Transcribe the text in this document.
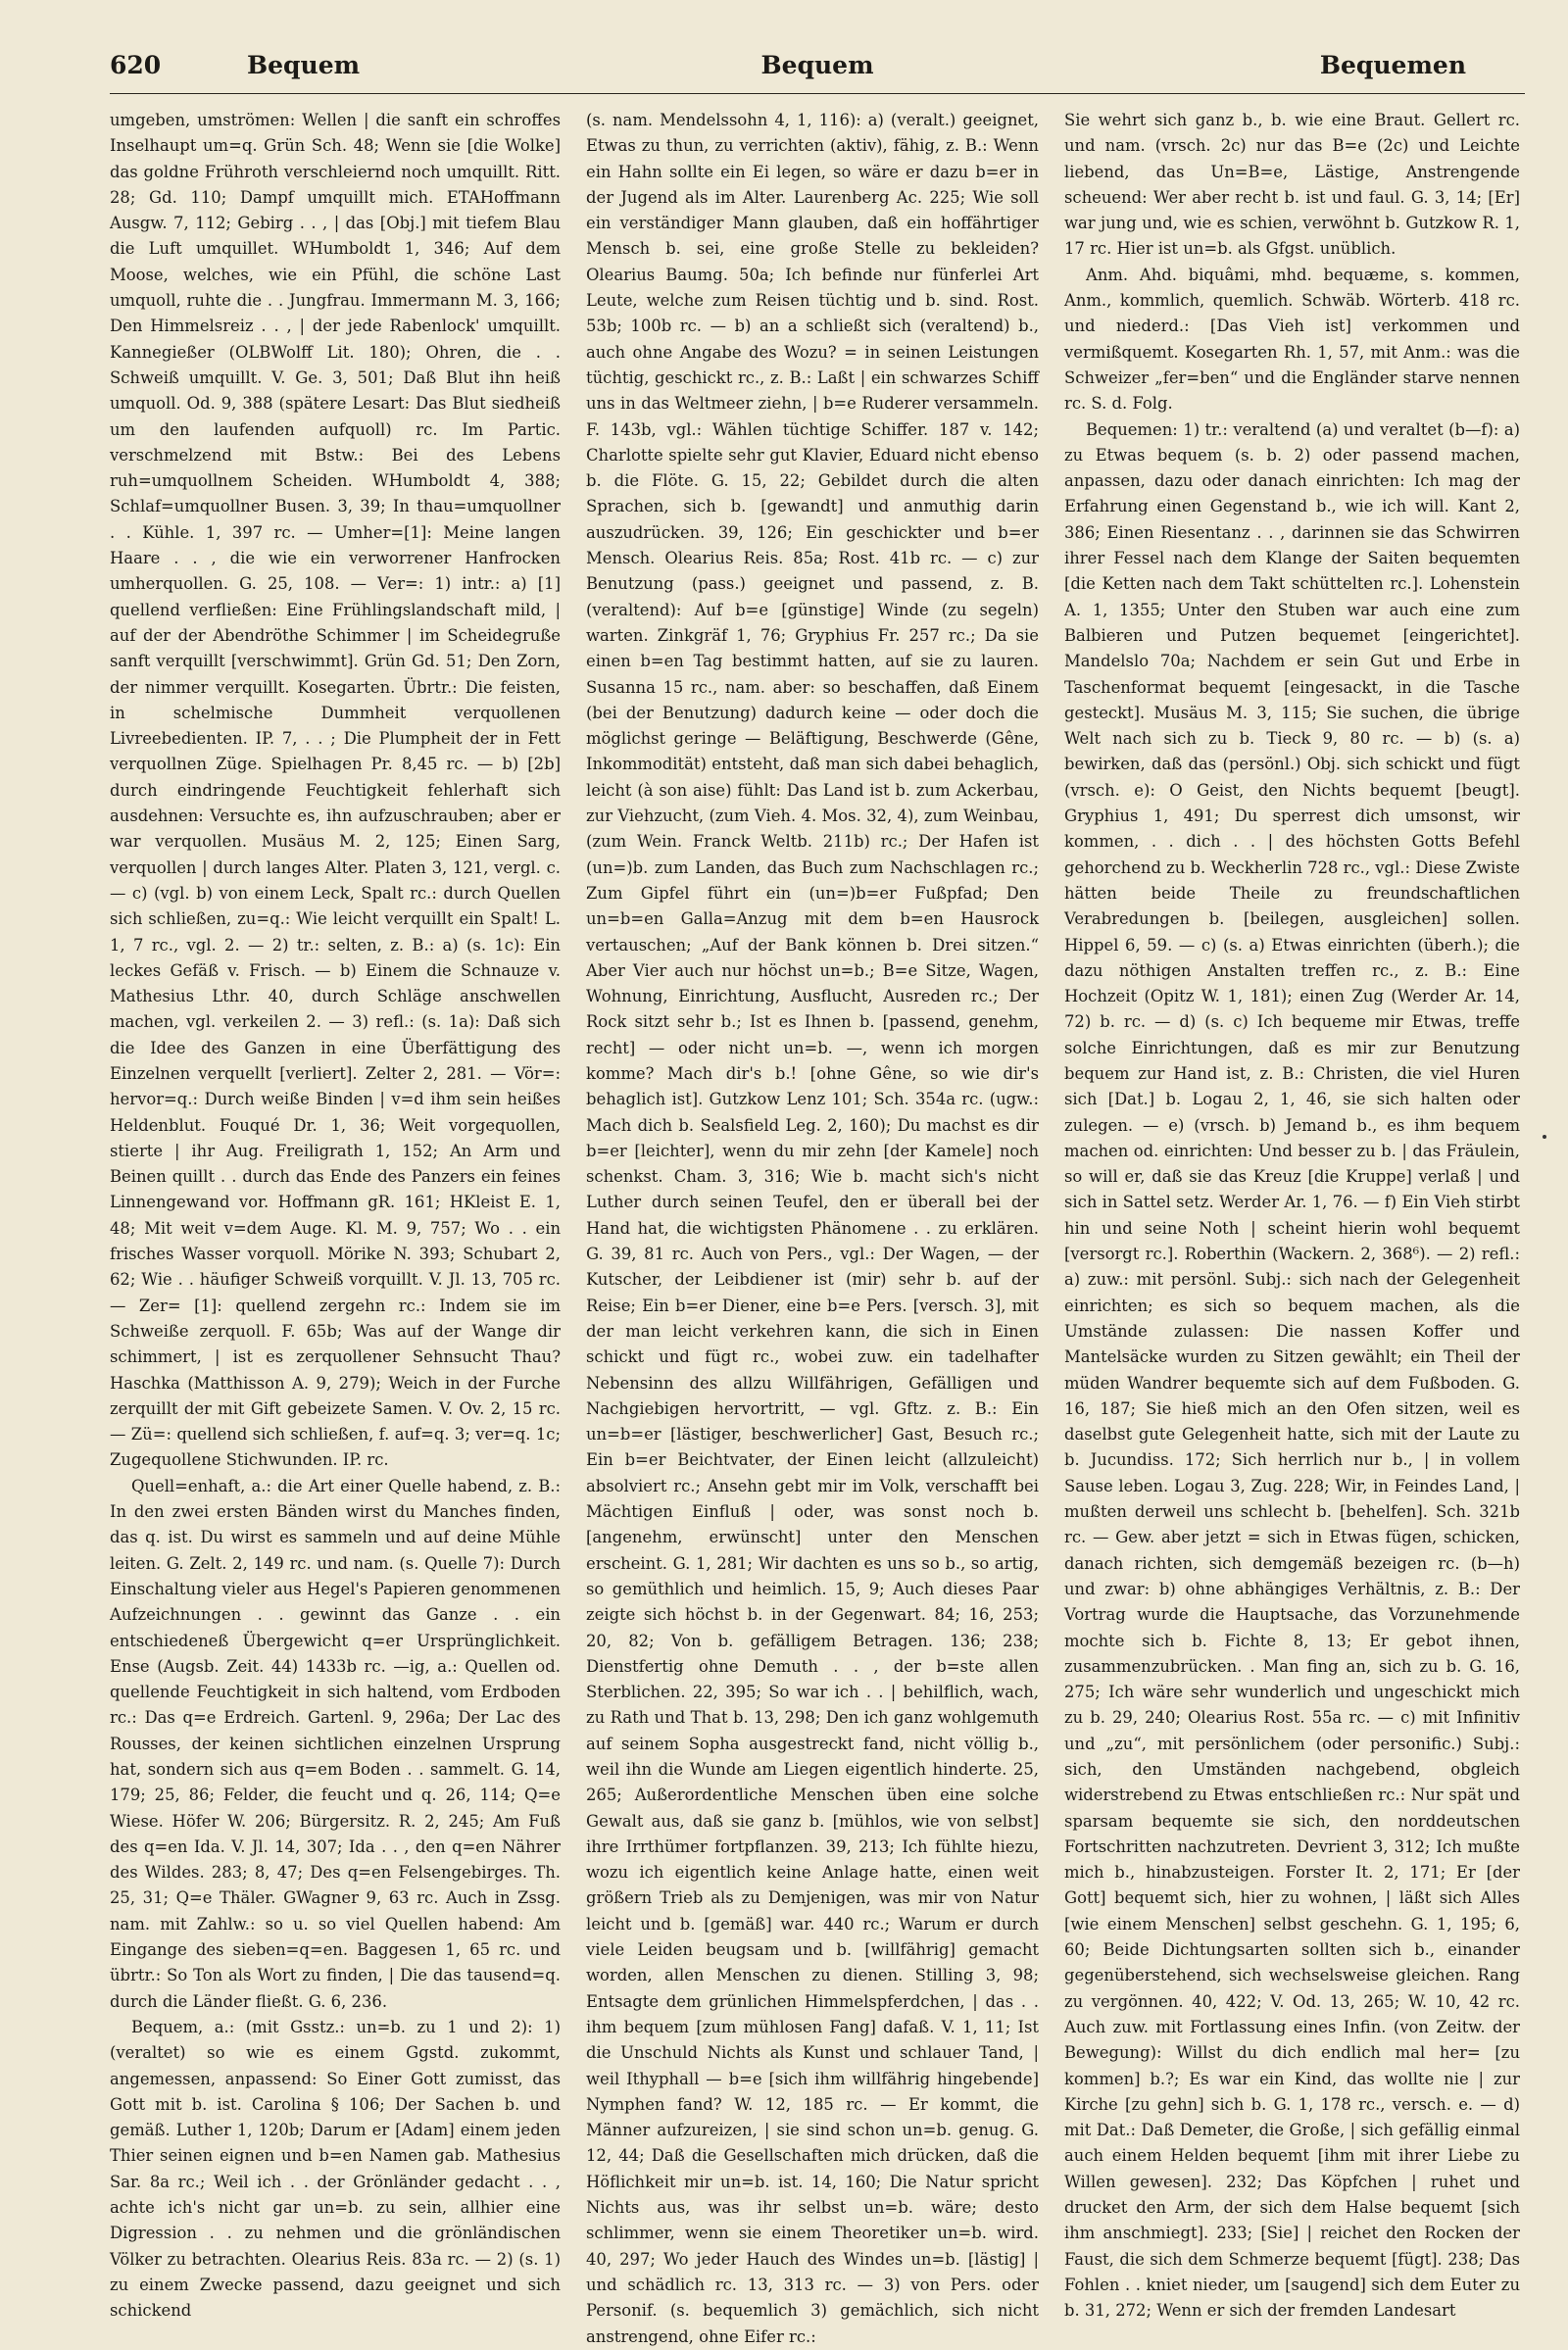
620	Bequem	Bequem	Bequemen

umgeben, umströmen: Wellen | die sanft ein schroffes Inselhaupt um=q. Grün Sch. 48; Wenn sie [die Wolke] das goldne Frühroth verschleiernd noch umquillt. Ritt. 28; Gd. 110; Dampf umquillt mich. ETAHoffmann Ausgw. 7, 112; Gebirg . . , | das [Obj.] mit tiefem Blau die Luft umquillet. WHumboldt 1, 346; Auf dem Moose, welches, wie ein Pfühl, die schöne Last umquoll, ruhte die . . Jungfrau. Immermann M. 3, 166; Den Himmelsreiz . . , | der jede Rabenlock' umquillt. Kannegießer (OLBWolff Lit. 180); Ohren, die . . Schweiß umquillt. V. Ge. 3, 501; Daß Blut ihn heiß umquoll. Od. 9, 388 (spätere Lesart: Das Blut siedheiß um den laufenden aufquoll) rc. Im Partic. verschmelzend mit Bstw.: Bei des Lebens ruh=umquollnem Scheiden. WHumboldt 4, 388; Schlaf=umquollner Busen. 3, 39; In thau=umquollner . . Kühle. 1, 397 rc. — Umher=[1]: Meine langen Haare . . , die wie ein verworrener Hanfrocken umherquollen. G. 25, 108. — Ver=: 1) intr.: a) [1] quellend verfließen: Eine Frühlingslandschaft mild, | auf der der Abendröthe Schimmer | im Scheidegruße sanft verquillt [verschwimmt]. Grün Gd. 51; Den Zorn, der nimmer verquillt. Kosegarten. Übrtr.: Die feisten, in schelmische Dummheit verquollenen Livreebedienten. IP. 7, . . ; Die Plumpheit der in Fett verquollnen Züge. Spielhagen Pr. 8,45 rc. — b) [2b] durch eindringende Feuchtigkeit fehlerhaft sich ausdehnen: Versuchte es, ihn aufzuschrauben; aber er war verquollen. Musäus M. 2, 125; Einen Sarg, verquollen | durch langes Alter. Platen 3, 121, vergl. c. — c) (vgl. b) von einem Leck, Spalt rc.: durch Quellen sich schließen, zu=q.: Wie leicht verquillt ein Spalt! L. 1, 7 rc., vgl. 2. — 2) tr.: selten, z. B.: a) (s. 1c): Ein leckes Gefäß v. Frisch. — b) Einem die Schnauze v. Mathesius Lthr. 40, durch Schläge anschwellen machen, vgl. verkeilen 2. — 3) refl.: (s. 1a): Daß sich die Idee des Ganzen in eine Überfättigung des Einzelnen verquellt [verliert]. Zelter 2, 281. — Vör=: hervor=q.: Durch weiße Binden | v=d ihm sein heißes Heldenblut. Fouqué Dr. 1, 36; Weit vorgequollen, stierte | ihr Aug. Freiligrath 1, 152; An Arm und Beinen quillt . . durch das Ende des Panzers ein feines Linnengewand vor. Hoffmann gR. 161; HKleist E. 1, 48; Mit weit v=dem Auge. Kl. M. 9, 757; Wo . . ein frisches Wasser vorquoll. Mörike N. 393; Schubart 2, 62; Wie . . häufiger Schweiß vorquillt. V. Jl. 13, 705 rc. — Zer= [1]: quellend zergehn rc.: Indem sie im Schweiße zerquoll. F. 65b; Was auf der Wange dir schimmert, | ist es zerquollener Sehnsucht Thau? Haschka (Matthisson A. 9, 279); Weich in der Furche zerquillt der mit Gift gebeizete Samen. V. Ov. 2, 15 rc. — Zü=: quellend sich schließen, f. auf=q. 3; ver=q. 1c; Zugequollene Stichwunden. IP. rc.

Quell=enhaft, a.: die Art einer Quelle habend, z. B.: In den zwei ersten Bänden wirst du Manches finden, das q. ist. Du wirst es sammeln und auf deine Mühle leiten. G. Zelt. 2, 149 rc. und nam. (s. Quelle 7): Durch Einschaltung vieler aus Hegel's Papieren genommenen Aufzeichnungen . . gewinnt das Ganze . . ein entschiedeneß Übergewicht q=er Ursprünglichkeit. Ense (Augsb. Zeit. 44) 1433b rc. —ig, a.: Quellen od. quellende Feuchtigkeit in sich haltend, vom Erdboden rc.: Das q=e Erdreich. Gartenl. 9, 296a; Der Lac des Rousses, der keinen sichtlichen einzelnen Ursprung hat, sondern sich aus q=em Boden . . sammelt. G. 14, 179; 25, 86; Felder, die feucht und q. 26, 114; Q=e Wiese. Höfer W. 206; Bürgersitz. R. 2, 245; Am Fuß des q=en Ida. V. Jl. 14, 307; Ida . . , den q=en Nährer des Wildes. 283; 8, 47; Des q=en Felsengebirges. Th. 25, 31; Q=e Thäler. GWagner 9, 63 rc. Auch in Zssg. nam. mit Zahlw.: so u. so viel Quellen habend: Am Eingange des sieben=q=en. Baggesen 1, 65 rc. und übrtr.: So Ton als Wort zu finden, | Die das tausend=q. durch die Länder fließt. G. 6, 236.

Bequem, a.: (mit Gsstz.: un=b. zu 1 und 2): 1) (veraltet) so wie es einem Ggstd. zukommt, angemessen, anpassend: So Einer Gott zumisst, das Gott mit b. ist. Carolina § 106; Der Sachen b. und gemäß. Luther 1, 120b; Darum er [Adam] einem jeden Thier seinen eignen und b=en Namen gab. Mathesius Sar. 8a rc.; Weil ich . . der Grönländer gedacht . . , achte ich's nicht gar un=b. zu sein, allhier eine Digression . . zu nehmen und die grönländischen Völker zu betrachten. Olearius Reis. 83a rc. — 2) (s. 1) zu einem Zwecke passend, dazu geeignet und sich schickend

(s. nam. Mendelssohn 4, 1, 116): a) (veralt.) geeignet, Etwas zu thun, zu verrichten (aktiv), fähig, z. B.: Wenn ein Hahn sollte ein Ei legen, so wäre er dazu b=er in der Jugend als im Alter. Laurenberg Ac. 225; Wie soll ein verständiger Mann glauben, daß ein hoffährtiger Mensch b. sei, eine große Stelle zu bekleiden? Olearius Baumg. 50a; Ich befinde nur fünferlei Art Leute, welche zum Reisen tüchtig und b. sind. Rost. 53b; 100b rc. — b) an a schließt sich (veraltend) b., auch ohne Angabe des Wozu? = in seinen Leistungen tüchtig, geschickt rc., z. B.: Laßt | ein schwarzes Schiff uns in das Weltmeer ziehn, | b=e Ruderer versammeln. F. 143b, vgl.: Wählen tüchtige Schiffer. 187 v. 142; Charlotte spielte sehr gut Klavier, Eduard nicht ebenso b. die Flöte. G. 15, 22; Gebildet durch die alten Sprachen, sich b. [gewandt] und anmuthig darin auszudrücken. 39, 126; Ein geschickter und b=er Mensch. Olearius Reis. 85a; Rost. 41b rc. — c) zur Benutzung (pass.) geeignet und passend, z. B. (veraltend): Auf b=e [günstige] Winde (zu segeln) warten. Zinkgräf 1, 76; Gryphius Fr. 257 rc.; Da sie einen b=en Tag bestimmt hatten, auf sie zu lauren. Susanna 15 rc., nam. aber: so beschaffen, daß Einem (bei der Benutzung) dadurch keine — oder doch die möglichst geringe — Beläftigung, Beschwerde (Gêne, Inkommodität) entsteht, daß man sich dabei behaglich, leicht (à son aise) fühlt: Das Land ist b. zum Ackerbau, zur Viehzucht, (zum Vieh. 4. Mos. 32, 4), zum Weinbau, (zum Wein. Franck Weltb. 211b) rc.; Der Hafen ist (un=)b. zum Landen, das Buch zum Nachschlagen rc.; Zum Gipfel führt ein (un=)b=er Fußpfad; Den un=b=en Galla=Anzug mit dem b=en Hausrock vertauschen; „Auf der Bank können b. Drei sitzen.“ Aber Vier auch nur höchst un=b.; B=e Sitze, Wagen, Wohnung, Einrichtung, Ausflucht, Ausreden rc.; Der Rock sitzt sehr b.; Ist es Ihnen b. [passend, genehm, recht] — oder nicht un=b. —, wenn ich morgen komme? Mach dir's b.! [ohne Gêne, so wie dir's behaglich ist]. Gutzkow Lenz 101; Sch. 354a rc. (ugw.: Mach dich b. Sealsfield Leg. 2, 160); Du machst es dir b=er [leichter], wenn du mir zehn [der Kamele] noch schenkst. Cham. 3, 316; Wie b. macht sich's nicht Luther durch seinen Teufel, den er überall bei der Hand hat, die wichtigsten Phänomene . . zu erklären. G. 39, 81 rc. Auch von Pers., vgl.: Der Wagen, — der Kutscher, der Leibdiener ist (mir) sehr b. auf der Reise; Ein b=er Diener, eine b=e Pers. [versch. 3], mit der man leicht verkehren kann, die sich in Einen schickt und fügt rc., wobei zuw. ein tadelhafter Nebensinn des allzu Willfährigen, Gefälligen und Nachgiebigen hervortritt, — vgl. Gftz. z. B.: Ein un=b=er [lästiger, beschwerlicher] Gast, Besuch rc.; Ein b=er Beichtvater, der Einen leicht (allzuleicht) absolviert rc.; Ansehn gebt mir im Volk, verschafft bei Mächtigen Einfluß | oder, was sonst noch b. [angenehm, erwünscht] unter den Menschen erscheint. G. 1, 281; Wir dachten es uns so b., so artig, so gemüthlich und heimlich. 15, 9; Auch dieses Paar zeigte sich höchst b. in der Gegenwart. 84; 16, 253; 20, 82; Von b. gefälligem Betragen. 136; 238; Dienstfertig ohne Demuth . . , der b=ste allen Sterblichen. 22, 395; So war ich . . | behilflich, wach, zu Rath und That b. 13, 298; Den ich ganz wohlgemuth auf seinem Sopha ausgestreckt fand, nicht völlig b., weil ihn die Wunde am Liegen eigentlich hinderte. 25, 265; Außerordentliche Menschen üben eine solche Gewalt aus, daß sie ganz b. [mühlos, wie von selbst] ihre Irrthümer fortpflanzen. 39, 213; Ich fühlte hiezu, wozu ich eigentlich keine Anlage hatte, einen weit größern Trieb als zu Demjenigen, was mir von Natur leicht und b. [gemäß] war. 440 rc.; Warum er durch viele Leiden beugsam und b. [willfährig] gemacht worden, allen Menschen zu dienen. Stilling 3, 98; Entsagte dem grünlichen Himmelspferdchen, | das . . ihm bequem [zum mühlosen Fang] dafaß. V. 1, 11; Ist die Unschuld Nichts als Kunst und schlauer Tand, | weil Ithyphall — b=e [sich ihm willfährig hingebende] Nymphen fand? W. 12, 185 rc. — Er kommt, die Männer aufzureizen, | sie sind schon un=b. genug. G. 12, 44; Daß die Gesellschaften mich drücken, daß die Höflichkeit mir un=b. ist. 14, 160; Die Natur spricht Nichts aus, was ihr selbst un=b. wäre; desto schlimmer, wenn sie einem Theoretiker un=b. wird. 40, 297; Wo jeder Hauch des Windes un=b. [lästig] | und schädlich rc. 13, 313 rc. — 3) von Pers. oder Personif. (s. bequemlich 3) gemächlich, sich nicht anstrengend, ohne Eifer rc.:

Sie wehrt sich ganz b., b. wie eine Braut. Gellert rc. und nam. (vrsch. 2c) nur das B=e (2c) und Leichte liebend, das Un=B=e, Lästige, Anstrengende scheuend: Wer aber recht b. ist und faul. G. 3, 14; [Er] war jung und, wie es schien, verwöhnt b. Gutzkow R. 1, 17 rc. Hier ist un=b. als Gfgst. unüblich.

Anm. Ahd. biquâmi, mhd. bequæme, s. kommen, Anm., kommlich, quemlich. Schwäb. Wörterb. 418 rc. und niederd.: [Das Vieh ist] verkommen und vermißquemt. Kosegarten Rh. 1, 57, mit Anm.: was die Schweizer „fer=ben“ und die Engländer starve nennen rc. S. d. Folg.

Bequemen: 1) tr.: veraltend (a) und veraltet (b—f): a) zu Etwas bequem (s. b. 2) oder passend machen, anpassen, dazu oder danach einrichten: Ich mag der Erfahrung einen Gegenstand b., wie ich will. Kant 2, 386; Einen Riesentanz . . , darinnen sie das Schwirren ihrer Fessel nach dem Klange der Saiten bequemten [die Ketten nach dem Takt schüttelten rc.]. Lohenstein A. 1, 1355; Unter den Stuben war auch eine zum Balbieren und Putzen bequemet [eingerichtet]. Mandelslo 70a; Nachdem er sein Gut und Erbe in Taschenformat bequemt [eingesackt, in die Tasche gesteckt]. Musäus M. 3, 115; Sie suchen, die übrige Welt nach sich zu b. Tieck 9, 80 rc. — b) (s. a) bewirken, daß das (persönl.) Obj. sich schickt und fügt (vrsch. e): O Geist, den Nichts bequemt [beugt]. Gryphius 1, 491; Du sperrest dich umsonst, wir kommen, . . dich . . | des höchsten Gotts Befehl gehorchend zu b. Weckherlin 728 rc., vgl.: Diese Zwiste hätten beide Theile zu freundschaftlichen Verabredungen b. [beilegen, ausgleichen] sollen. Hippel 6, 59. — c) (s. a) Etwas einrichten (überh.); die dazu nöthigen Anstalten treffen rc., z. B.: Eine Hochzeit (Opitz W. 1, 181); einen Zug (Werder Ar. 14, 72) b. rc. — d) (s. c) Ich bequeme mir Etwas, treffe solche Einrichtungen, daß es mir zur Benutzung bequem zur Hand ist, z. B.: Christen, die viel Huren sich [Dat.] b. Logau 2, 1, 46, sie sich halten oder zulegen. — e) (vrsch. b) Jemand b., es ihm bequem machen od. einrichten: Und besser zu b. | das Fräulein, so will er, daß sie das Kreuz [die Kruppe] verlaß | und sich in Sattel setz. Werder Ar. 1, 76. — f) Ein Vieh stirbt hin und seine Noth | scheint hierin wohl bequemt [versorgt rc.]. Roberthin (Wackern. 2, 368⁶). — 2) refl.: a) zuw.: mit persönl. Subj.: sich nach der Gelegenheit einrichten; es sich so bequem machen, als die Umstände zulassen: Die nassen Koffer und Mantelsäcke wurden zu Sitzen gewählt; ein Theil der müden Wandrer bequemte sich auf dem Fußboden. G. 16, 187; Sie hieß mich an den Ofen sitzen, weil es daselbst gute Gelegenheit hatte, sich mit der Laute zu b. Jucundiss. 172; Sich herrlich nur b., | in vollem Sause leben. Logau 3, Zug. 228; Wir, in Feindes Land, | mußten derweil uns schlecht b. [behelfen]. Sch. 321b rc. — Gew. aber jetzt = sich in Etwas fügen, schicken, danach richten, sich demgemäß bezeigen rc. (b—h) und zwar: b) ohne abhängiges Verhältnis, z. B.: Der Vortrag wurde die Hauptsache, das Vorzunehmende mochte sich b. Fichte 8, 13; Er gebot ihnen, zusammenzubrücken. . Man fing an, sich zu b. G. 16, 275; Ich wäre sehr wunderlich und ungeschickt mich zu b. 29, 240; Olearius Rost. 55a rc. — c) mit Infinitiv und „zu“, mit persönlichem (oder personific.) Subj.: sich, den Umständen nachgebend, obgleich widerstrebend zu Etwas entschließen rc.: Nur spät und sparsam bequemte sie sich, den norddeutschen Fortschritten nachzutreten. Devrient 3, 312; Ich mußte mich b., hinabzusteigen. Forster It. 2, 171; Er [der Gott] bequemt sich, hier zu wohnen, | läßt sich Alles [wie einem Menschen] selbst geschehn. G. 1, 195; 6, 60; Beide Dichtungsarten sollten sich b., einander gegenüberstehend, sich wechselsweise gleichen. Rang zu vergönnen. 40, 422; V. Od. 13, 265; W. 10, 42 rc. Auch zuw. mit Fortlassung eines Infin. (von Zeitw. der Bewegung): Willst du dich endlich mal her= [zu kommen] b.?; Es war ein Kind, das wollte nie | zur Kirche [zu gehn] sich b. G. 1, 178 rc., versch. e. — d) mit Dat.: Daß Demeter, die Große, | sich gefällig einmal auch einem Helden bequemt [ihm mit ihrer Liebe zu Willen gewesen]. 232; Das Köpfchen | ruhet und drucket den Arm, der sich dem Halse bequemt [sich ihm anschmiegt]. 233; [Sie] | reichet den Rocken der Faust, die sich dem Schmerze bequemt [fügt]. 238; Das Fohlen . . kniet nieder, um [saugend] sich dem Euter zu b. 31, 272; Wenn er sich der fremden Landesart
